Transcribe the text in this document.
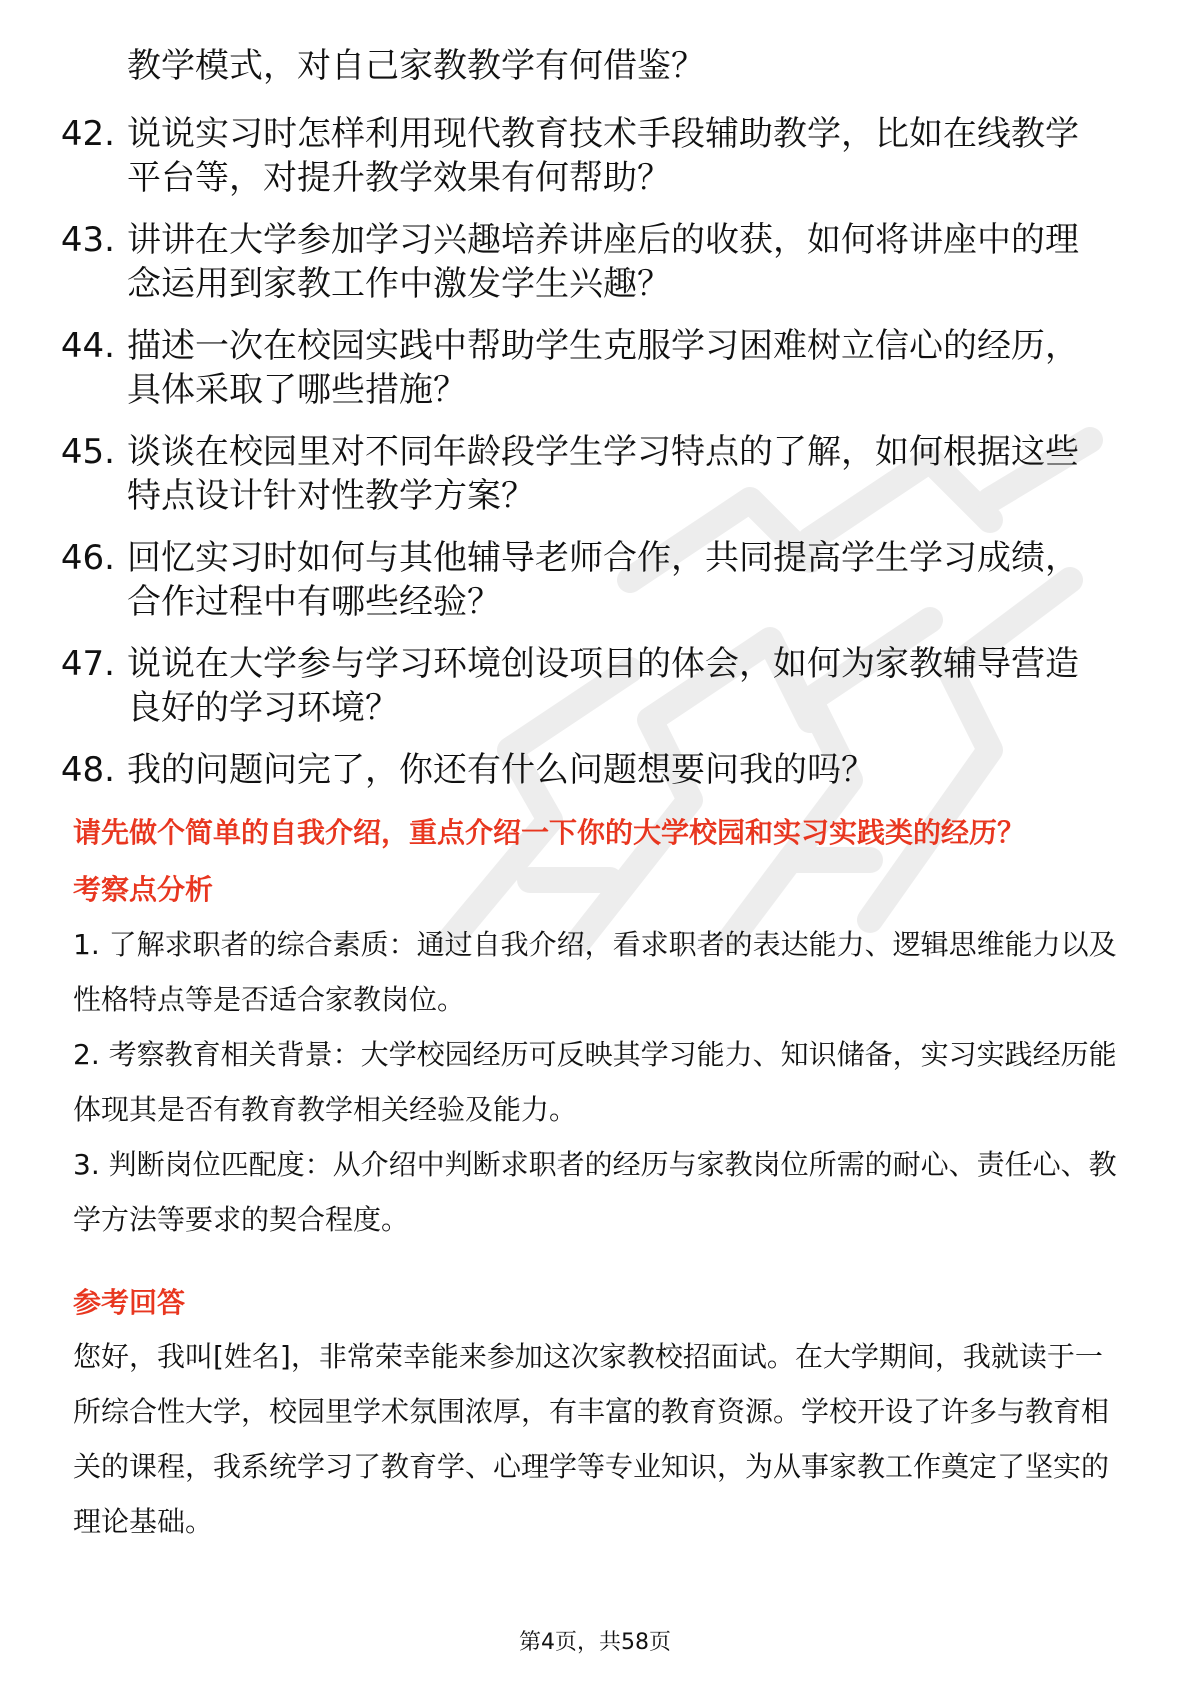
教学模式，对自己家教教学有何借鉴？
42. 说说实习时怎样利用现代教育技术手段辅助教学，比如在线教学平台等，对提升教学效果有何帮助？
43. 讲讲在大学参加学习兴趣培养讲座后的收获，如何将讲座中的理念运用到家教工作中激发学生兴趣？
44. 描述一次在校园实践中帮助学生克服学习困难树立信心的经历，具体采取了哪些措施？
45. 谈谈在校园里对不同年龄段学生学习特点的了解，如何根据这些特点设计针对性教学方案？
46. 回忆实习时如何与其他辅导老师合作，共同提高学生学习成绩，合作过程中有哪些经验？
47. 说说在大学参与学习环境创设项目的体会，如何为家教辅导营造良好的学习环境？
48. 我的问题问完了，你还有什么问题想要问我的吗？
请先做个简单的自我介绍，重点介绍一下你的大学校园和实习实践类的经历？
考察点分析

1. 了解求职者的综合素质：通过自我介绍，看求职者的表达能力、逻辑思维能力以及性格特点等是否适合家教岗位。

2. 考察教育相关背景：大学校园经历可反映其学习能力、知识储备，实习实践经历能体现其是否有教育教学相关经验及能力。

3. 判断岗位匹配度：从介绍中判断求职者的经历与家教岗位所需的耐心、责任心、教学方法等要求的契合程度。

参考回答

您好，我叫[姓名]，非常荣幸能来参加这次家教校招面试。在大学期间，我就读于一所综合性大学，校园里学术氛围浓厚，有丰富的教育资源。学校开设了许多与教育相关的课程，我系统学习了教育学、心理学等专业知识，为从事家教工作奠定了坚实的理论基础。

第4页，共58页
